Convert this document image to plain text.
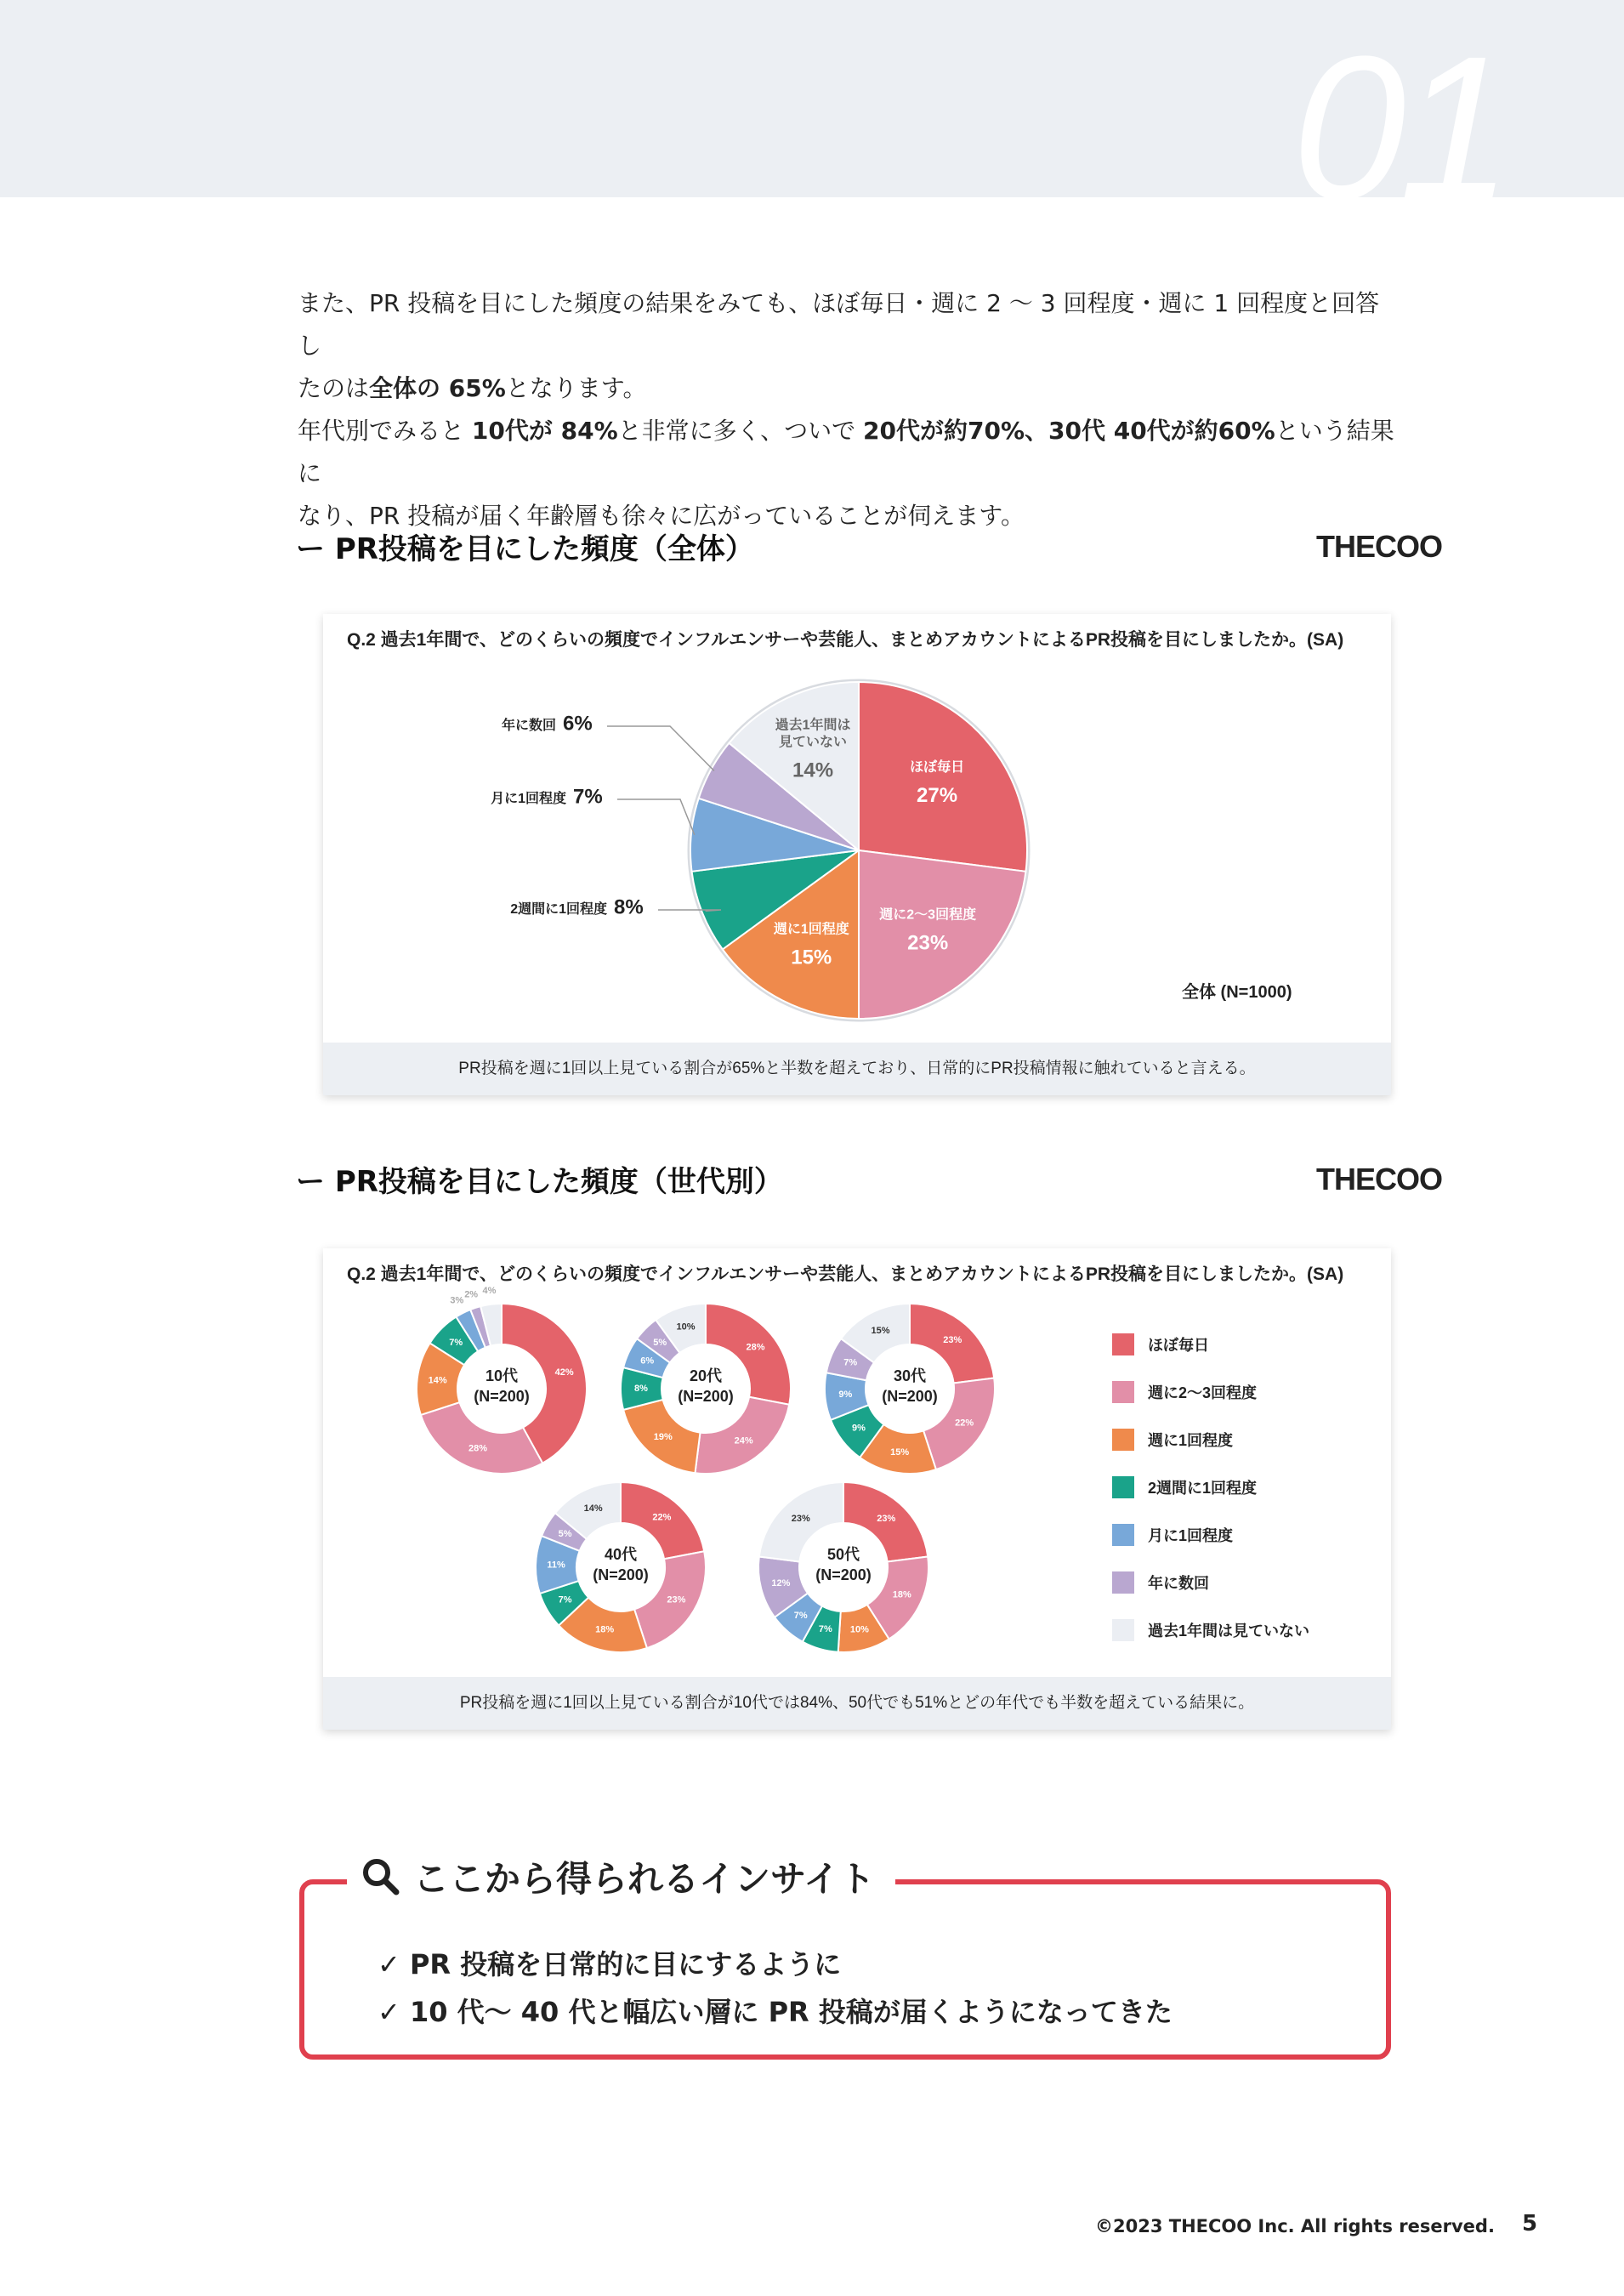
01

また、PR 投稿を目にした頻度の結果をみても、ほぼ毎日・週に 2 〜 3 回程度・週に 1 回程度と回答し

たのは全体の 65%となります。

年代別でみると 10代が 84%と非常に多く、ついで 20代が約70%、30代 40代が約60%という結果に

なり、PR 投稿が届く年齢層も徐々に広がっていることが伺えます。

ー PR投稿を目にした頻度（全体）	THECOO
Q.2 過去1年間で、どのくらいの頻度でインフルエンサーや芸能人、まとめアカウントによるPR投稿を目にしましたか。(SA)
ほぼ毎日
27%
週に2〜3回程度
23%
週に1回程度
15%
過去1年間は
見ていない
14%
年に数回 6%
月に1回程度 7%
2週間に1回程度 8%
全体 (N=1000)
PR投稿を週に1回以上見ている割合が65%と半数を超えており、日常的にPR投稿情報に触れていると言える。
ー PR投稿を目にした頻度（世代別）	THECOO
Q.2 過去1年間で、どのくらいの頻度でインフルエンサーや芸能人、まとめアカウントによるPR投稿を目にしましたか。(SA)
42%
28%
14%
7%
3%
2% 4%
10代
(N=200)
28%
24%
19%
8%
6%
5%
10%
20代
(N=200)
23%
22%
15%
9%
9%
7%
15%
30代
(N=200)
22%
23%
18%
7%
11%
5%
14%
40代
(N=200)
23%
18%
10%
7%
7%
12%
23%
50代
(N=200)
ほぼ毎日
週に2〜3回程度
週に1回程度
2週間に1回程度
月に1回程度
年に数回
過去1年間は見ていない
PR投稿を週に1回以上見ている割合が10代では84%、50代でも51%とどの年代でも半数を超えている結果に。
ここから得られるインサイト
✓ PR 投稿を日常的に目にするように
✓ 10 代〜 40 代と幅広い層に PR 投稿が届くようになってきた
©2023 THECOO Inc. All rights reserved. 5
